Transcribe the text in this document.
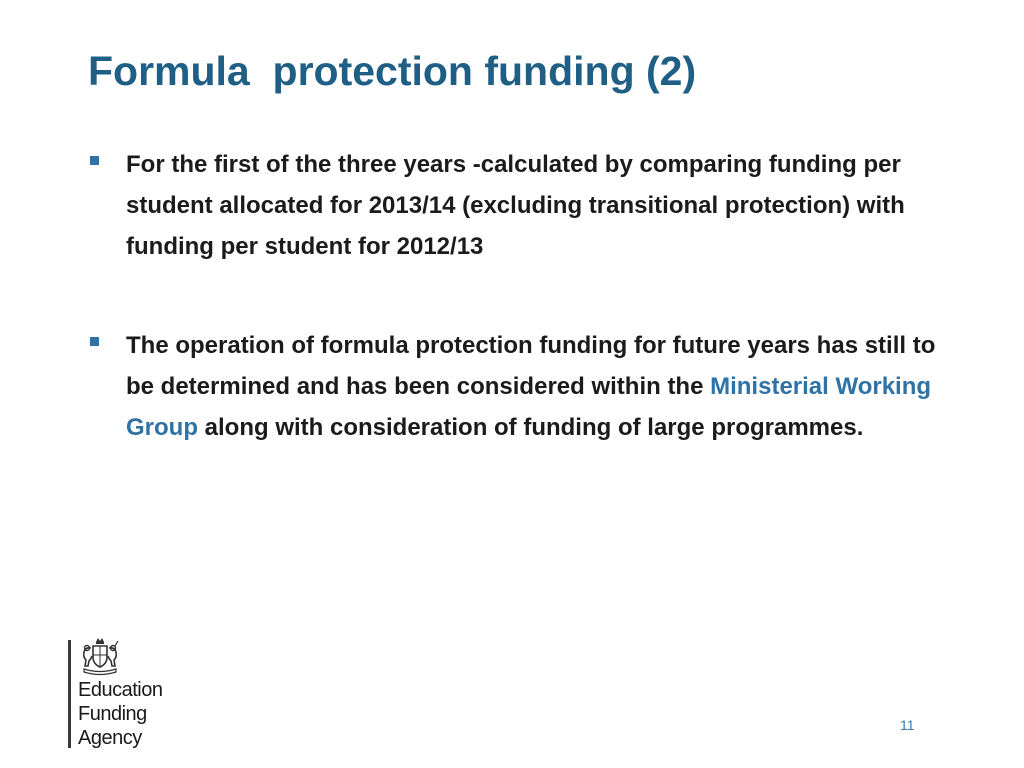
Formula  protection funding (2)
For the first of the three years -calculated by comparing funding per student allocated for 2013/14 (excluding transitional protection) with funding per student for 2012/13
The operation of formula protection funding for future years has still to be determined and has been considered within the Ministerial Working Group along with consideration of funding of large programmes.
Education
Funding
Agency
11
